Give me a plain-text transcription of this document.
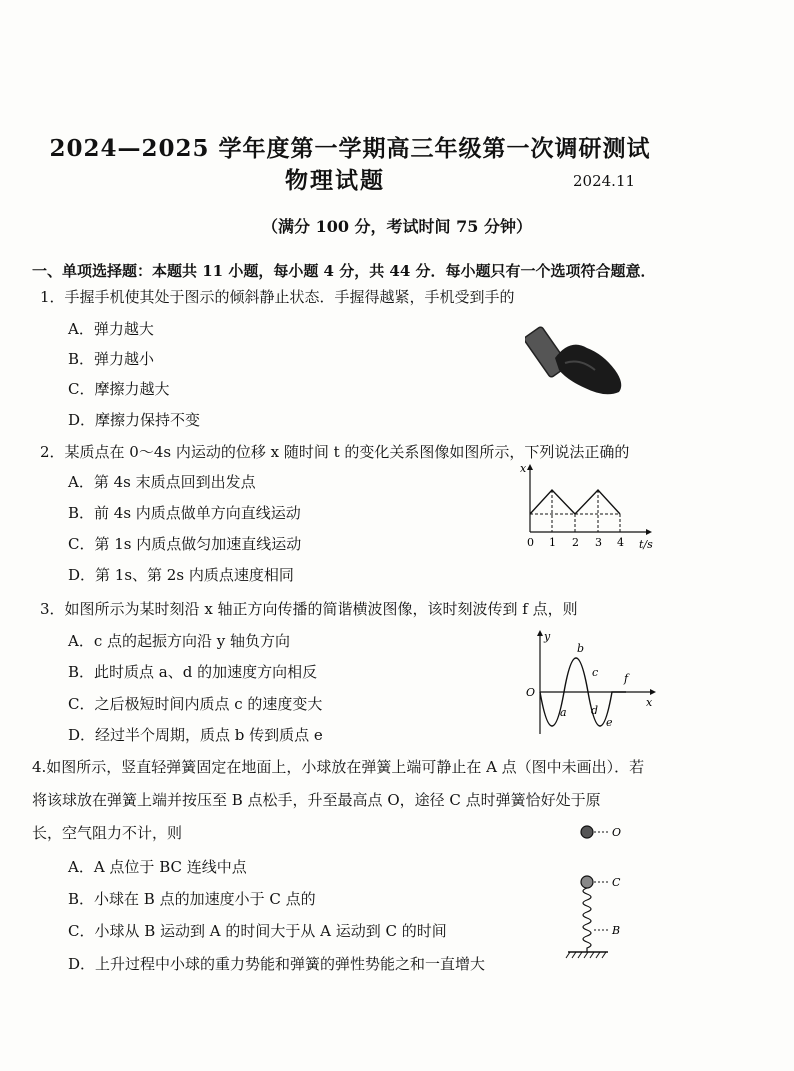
2024—2025 学年度第一学期高三年级第一次调研测试
物理试题	2024.11
（满分 100 分，考试时间 75 分钟）
一、单项选择题：本题共 11 小题，每小题 4 分，共 44 分．每小题只有一个选项符合题意．
1．手握手机使其处于图示的倾斜静止状态．手握得越紧，手机受到手的
A．弹力越大
B．弹力越小
C．摩擦力越大
D．摩擦力保持不变
2．某质点在 0～4s 内运动的位移 x 随时间 t 的变化关系图像如图所示，下列说法正确的
A．第 4s 末质点回到出发点
B．前 4s 内质点做单方向直线运动
C．第 1s 内质点做匀加速直线运动
D．第 1s、第 2s 内质点速度相同
x
t/s
0 1 2 3 4
3．如图所示为某时刻沿 x 轴正方向传播的简谐横波图像，该时刻波传到 f 点，则
A．c 点的起振方向沿 y 轴负方向
B．此时质点 a、d 的加速度方向相反
C．之后极短时间内质点 c 的速度变大
D．经过半个周期，质点 b 传到质点 e
y
x
O
a
b
c
d
e
f
4.如图所示，竖直轻弹簧固定在地面上，小球放在弹簧上端可静止在 A 点（图中未画出）．若
将该球放在弹簧上端并按压至 B 点松手，升至最高点 O，途径 C 点时弹簧恰好处于原
长，空气阻力不计，则
A．A 点位于 BC 连线中点
B．小球在 B 点的加速度小于 C 点的
C．小球从 B 运动到 A 的时间大于从 A 运动到 C 的时间
D．上升过程中小球的重力势能和弹簧的弹性势能之和一直增大
O
C
B
